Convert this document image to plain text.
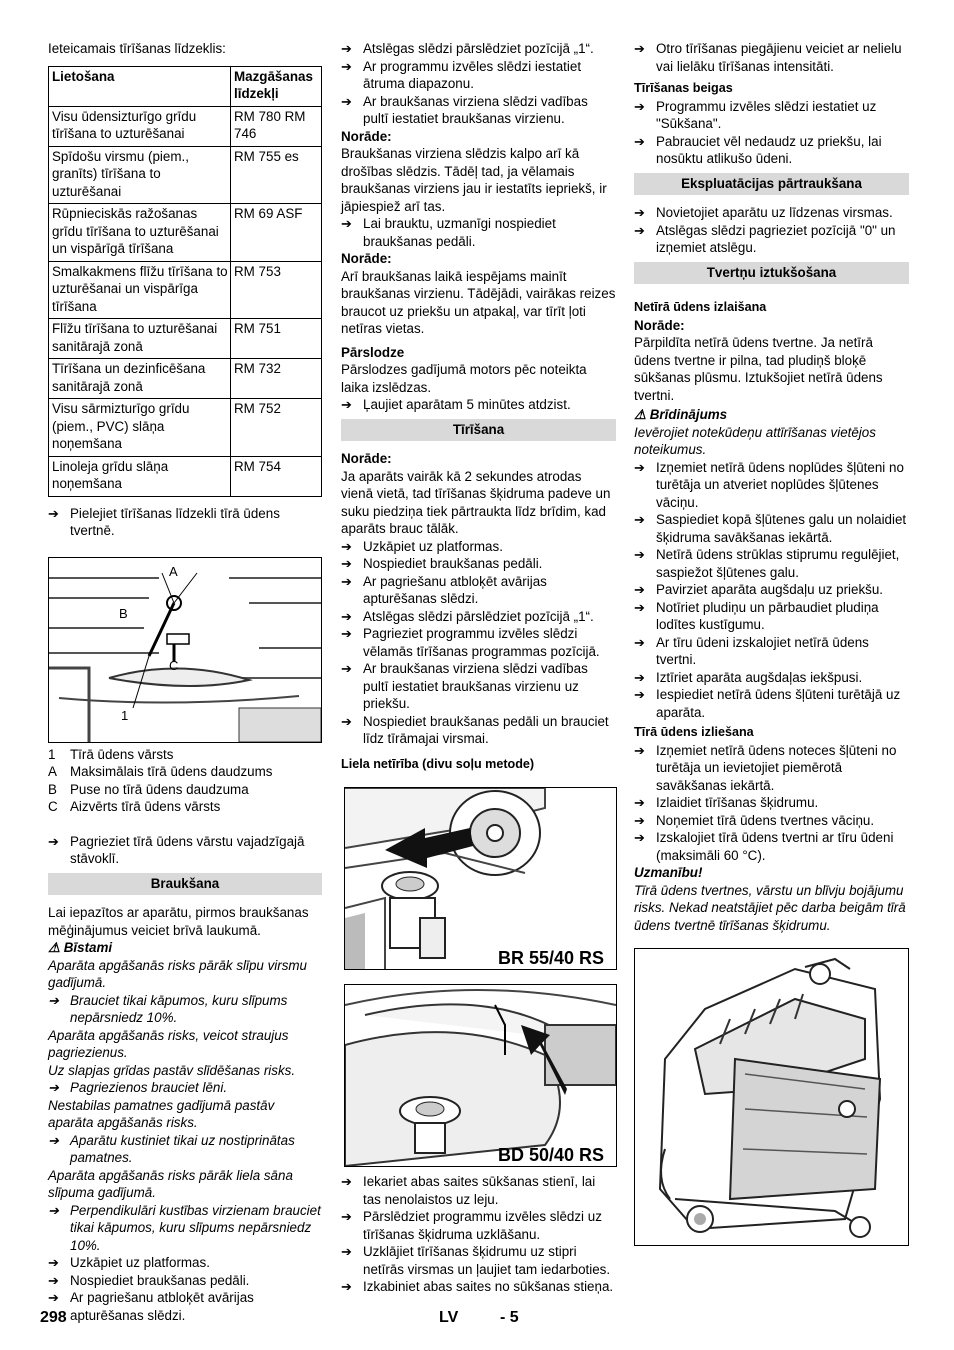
Ieteicamais tīrīšanas līdzeklis:

Lietošana	Mazgāšanas līdzekļi
Visu ūdensizturīgo grīdu tīrīšana to uzturēšanai	RM 780 RM 746
Spīdošu virsmu (piem., granīts) tīrīšana to uzturēšanai	RM 755 es
Rūpnieciskās ražošanas grīdu tīrīšana to uzturēšanai un vispārīgā tīrīšana	RM 69 ASF
Smalkakmens flīžu tīrīšana to uzturēšanai un vispārīga tīrīšana	RM 753
Flīžu tīrīšana to uzturēšanai sanitārajā zonā	RM 751
Tīrīšana un dezinficēšana sanitārajā zonā	RM 732
Visu sārmizturīgo grīdu (piem., PVC) slāņa noņemšana	RM 752
Linoleja grīdu slāņa noņemšana	RM 754

➔ Pielejiet tīrīšanas līdzekli tīrā ūdens tvertnē.

A
B
C
1

1 Tīrā ūdens vārsts

A Maksimālais tīrā ūdens daudzums

B Puse no tīrā ūdens daudzuma

C Aizvērts tīrā ūdens vārsts

➔ Pagrieziet tīrā ūdens vārstu vajadzīgajā stāvoklī.

Braukšana

Lai iepazītos ar aparātu, pirmos braukšanas mēģinājumus veiciet brīvā laukumā.

⚠ Bīstami

Aparāta apgāšanās risks pārāk slīpu virsmu gadījumā.

➔ Brauciet tikai kāpumos, kuru slīpums nepārsniedz 10%.

Aparāta apgāšanās risks, veicot straujus pagriezienus.

Uz slapjas grīdas pastāv slīdēšanas risks.

➔ Pagriezienos brauciet lēni.

Nestabilas pamatnes gadījumā pastāv aparāta apgāšanās risks.

➔ Aparātu kustiniet tikai uz nostiprinātas pamatnes.

Aparāta apgāšanās risks pārāk liela sāna slīpuma gadījumā.

➔ Perpendikulāri kustības virzienam brauciet tikai kāpumos, kuru slīpums nepārsniedz 10%.

➔ Uzkāpiet uz platformas.

➔ Nospiediet braukšanas pedāli.

➔ Ar pagriešanu atbloķēt avārijas apturēšanas slēdzi.

➔ Atslēgas slēdzi pārslēdziet pozīcijā „1“.

➔ Ar programmu izvēles slēdzi iestatiet ātruma diapazonu.

➔ Ar braukšanas virziena slēdzi vadības pultī iestatiet braukšanas virzienu.

Norāde:

Braukšanas virziena slēdzis kalpo arī kā drošības slēdzis. Tādēļ tad, ja vēlamais braukšanas virziens jau ir iestatīts iepriekš, ir jāpiespiež arī tas.

➔ Lai brauktu, uzmanīgi nospiediet braukšanas pedāli.

Norāde:

Arī braukšanas laikā iespējams mainīt braukšanas virzienu. Tādējādi, vairākas reizes braucot uz priekšu un atpakaļ, var tīrīt ļoti netīras vietas.

Pārslodze

Pārslodzes gadījumā motors pēc noteikta laika izslēdzas.

➔ Ļaujiet aparātam 5 minūtes atdzist.

Tīrīšana

Norāde:

Ja aparāts vairāk kā 2 sekundes atrodas vienā vietā, tad tīrīšanas šķidruma padeve un suku piedziņa tiek pārtraukta līdz brīdim, kad aparāts brauc tālāk.

➔ Uzkāpiet uz platformas.

➔ Nospiediet braukšanas pedāli.

➔ Ar pagriešanu atbloķēt avārijas apturēšanas slēdzi.

➔ Atslēgas slēdzi pārslēdziet pozīcijā „1“.

➔ Pagrieziet programmu izvēles slēdzi vēlamās tīrīšanas programmas pozīcijā.

➔ Ar braukšanas virziena slēdzi vadības pultī iestatiet braukšanas virzienu uz priekšu.

➔ Nospiediet braukšanas pedāli un brauciet līdz tīrāmajai virsmai.

Liela netīrība (divu soļu metode)

BR 55/40 RS
BD 50/40 RS

➔ Iekariet abas saites sūkšanas stienī, lai tas nenolaistos uz leju.

➔ Pārslēdziet programmu izvēles slēdzi uz tīrīšanas šķidruma uzklāšanu.

➔ Uzklājiet tīrīšanas šķidrumu uz stipri netīrās virsmas un ļaujiet tam iedarboties.

➔ Izkabiniet abas saites no sūkšanas stieņa.

➔ Otro tīrīšanas piegājienu veiciet ar nelielu vai lielāku tīrīšanas intensitāti.

Tīrīšanas beigas

➔ Programmu izvēles slēdzi iestatiet uz "Sūkšana".

➔ Pabrauciet vēl nedaudz uz priekšu, lai nosūktu atlikušo ūdeni.

Ekspluatācijas pārtraukšana

➔ Novietojiet aparātu uz līdzenas virsmas.

➔ Atslēgas slēdzi pagrieziet pozīcijā "0" un izņemiet atslēgu.

Tvertņu iztukšošana

Netīrā ūdens izlaišana

Norāde:

Pārpildīta netīrā ūdens tvertne. Ja netīrā ūdens tvertne ir pilna, tad pludiņš bloķē sūkšanas plūsmu. Iztukšojiet netīrā ūdens tvertni.

⚠ Brīdinājums

Ievērojiet notekūdeņu attīrīšanas vietējos noteikumus.

➔ Izņemiet netīrā ūdens noplūdes šļūteni no turētāja un atveriet noplūdes šļūtenes vāciņu.

➔ Saspiediet kopā šļūtenes galu un nolaidiet šķidruma savākšanas iekārtā.

➔ Netīrā ūdens strūklas stiprumu regulējiet, saspiežot šļūtenes galu.

➔ Pavirziet aparāta augšdaļu uz priekšu.

➔ Notīriet pludiņu un pārbaudiet pludiņa lodītes kustīgumu.

➔ Ar tīru ūdeni izskalojiet netīrā ūdens tvertni.

➔ Iztīriet aparāta augšdaļas iekšpusi.

➔ Iespiediet netīrā ūdens šļūteni turētājā uz aparāta.

Tīrā ūdens izliešana

➔ Izņemiet netīrā ūdens noteces šļūteni no turētāja un ievietojiet piemērotā savākšanas iekārtā.

➔ Izlaidiet tīrīšanas šķidrumu.

➔ Noņemiet tīrā ūdens tvertnes vāciņu.

➔ Izskalojiet tīrā ūdens tvertni ar tīru ūdeni (maksimāli 60 °C).

Uzmanību!

Tīrā ūdens tvertnes, vārstu un blīvju bojājumu risks. Nekad neatstājiet pēc darba beigām tīrā ūdens tvertnē tīrīšanas šķidrumu.

298	LV	- 5
